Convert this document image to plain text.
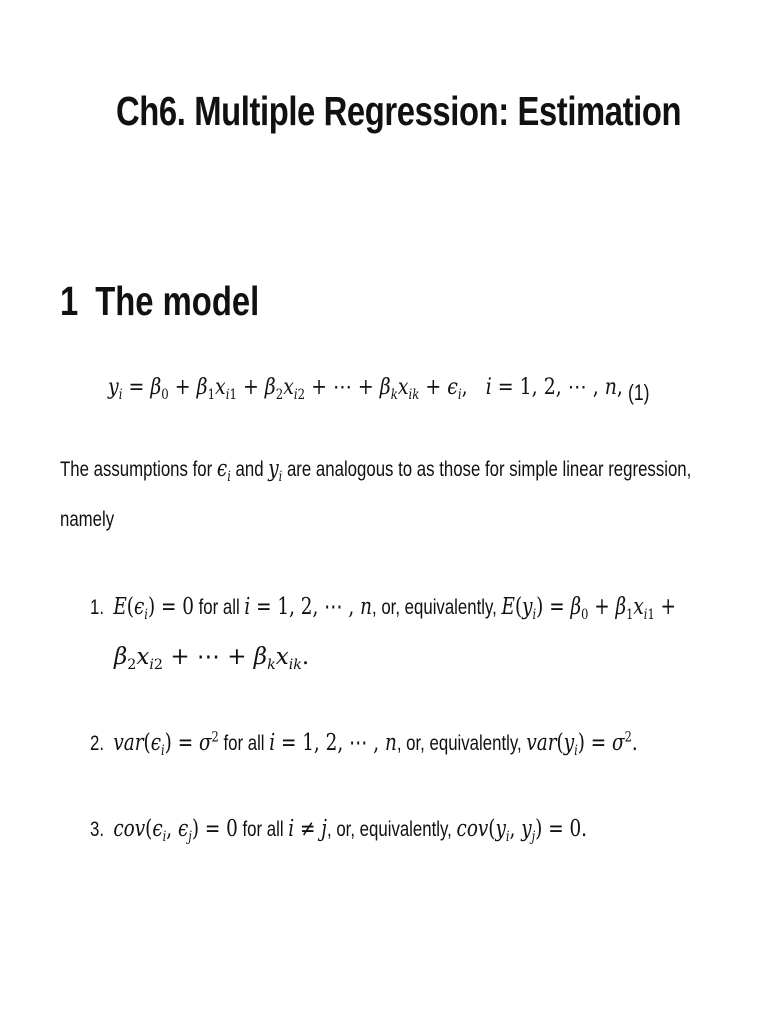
Ch6. Multiple Regression: Estimation
1 The model
$y_i = \beta_0 + \beta_1x_{i1} + \beta_2x_{i2}$ + ⋯ + $\beta_kx_{ik} + \epsilon_i$,   i = 1, 2, ⋯ , n, (1)
The assumptions for $\epsilon_i$ and $y_i$ are analogous to as those for simple linear regression,
namely
1. $E(\epsilon_i) = 0$ for all i = 1, 2, ⋯ , n, or, equivalently, $E(y_i) = \beta_0 + \beta_1x_{i1}$ +
$\beta_2x_{i2}$ + ⋯ + $\beta_kx_{ik}$.
2. $var(\epsilon_i) = \sigma^2$ for all i = 1, 2, ⋯ , n, or, equivalently, $var(y_i) = \sigma^2$.
3. $cov(\epsilon_i$, $\epsilon_j) = 0$ for all i ≠ j, or, equivalently, $cov(y_i$, $y_j) = 0$.
